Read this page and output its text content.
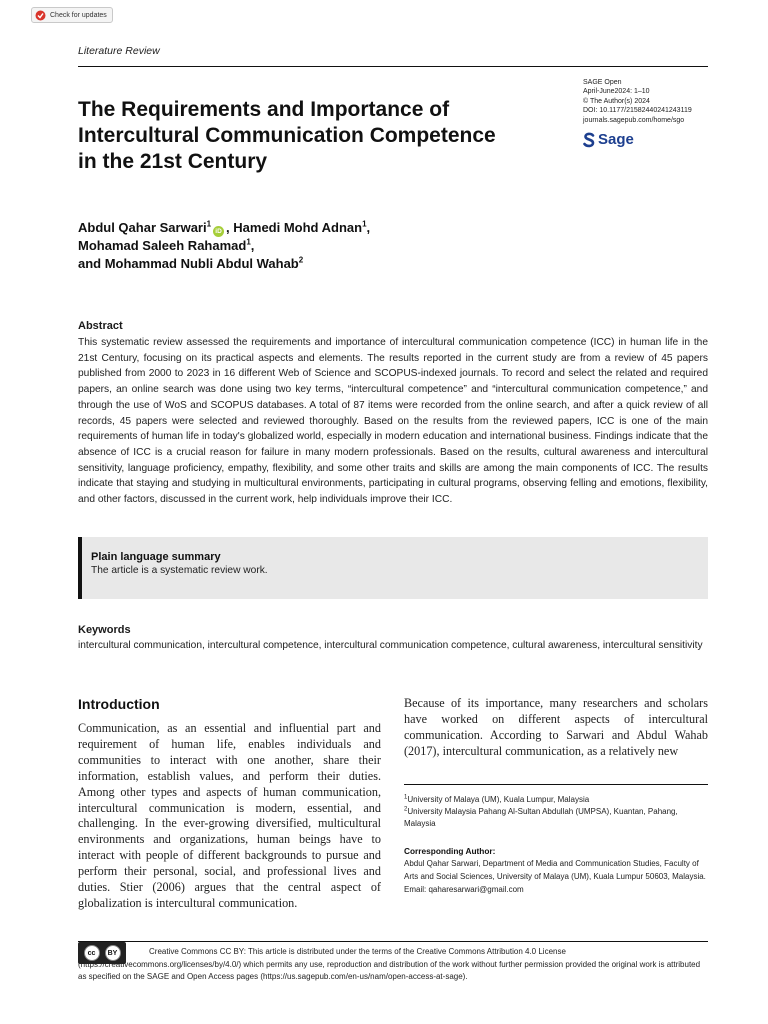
Check for updates
Literature Review
The Requirements and Importance of Intercultural Communication Competence in the 21st Century
SAGE Open
April-June2024: 1–10
© The Author(s) 2024
DOI: 10.1177/21582440241243119
journals.sagepub.com/home/sgo
Sage
Abdul Qahar Sarwari$^1$iD , Hamedi Mohd Adnan$^1$,
Mohamad Saleeh Rahamad$^1$,
and Mohammad Nubli Abdul Wahab$^2$
Abstract

This systematic review assessed the requirements and importance of intercultural communication competence (ICC) in human life in the 21st Century, focusing on its practical aspects and elements. The results reported in the current study are from a review of 45 papers published from 2000 to 2023 in 16 different Web of Science and SCOPUS-indexed journals. To record and select the related and required papers, an online search was done using two key terms, “intercultural competence” and “intercultural communication competence,” and through the use of WoS and SCOPUS databases. A total of 87 items were recorded from the online search, and after a quick review of all records, 45 papers were selected and reviewed thoroughly. Based on the results from the reviewed papers, ICC is one of the main requirements of human life in today's globalized world, especially in modern education and international business. Findings indicate that the absence of ICC is a crucial reason for failure in many modern professionals. Based on the results, cultural awareness and intercultural sensitivity, language proficiency, empathy, flexibility, and some other traits and skills are among the main components of ICC. The results indicate that staying and studying in multicultural environments, participating in cultural programs, observing felling and emotions, flexibility, and other factors, discussed in the current work, help individuals improve their ICC.

Plain language summary
The article is a systematic review work.
Keywords

intercultural communication, intercultural competence, intercultural communication competence, cultural awareness, intercultural sensitivity

Introduction

Communication, as an essential and influential part and requirement of human life, enables individuals and communities to interact with one another, share their information, establish values, and perform their duties. Among other types and aspects of human communication, intercultural communication is modern, essential, and challenging. In the ever-growing diversified, multicultural environments and organizations, human beings have to interact with people of different backgrounds to pursue and perform their personal, social, and professional lives and duties. Stier (2006) argues that the central aspect of globalization is intercultural communication.

Because of its importance, many researchers and scholars have worked on different aspects of intercultural communication. According to Sarwari and Abdul Wahab (2017), intercultural communication, as a relatively new

$^1$University of Malaya (UM), Kuala Lumpur, Malaysia
$^2$University Malaysia Pahang Al-Sultan Abdullah (UMPSA), Kuantan, Pahang, Malaysia
Corresponding Author:
Abdul Qahar Sarwari, Department of Media and Communication Studies, Faculty of Arts and Social Sciences, University of Malaya (UM), Kuala Lumpur 50603, Malaysia.
Email: qaharesarwari@gmail.com
cc	BY	Creative Commons CC BY: This article is distributed under the terms of the Creative Commons Attribution 4.0 License (https://creativecommons.org/licenses/by/4.0/) which permits any use, reproduction and distribution of the work without further permission provided the original work is attributed as specified on the SAGE and Open Access pages (https://us.sagepub.com/en-us/nam/open-access-at-sage).
